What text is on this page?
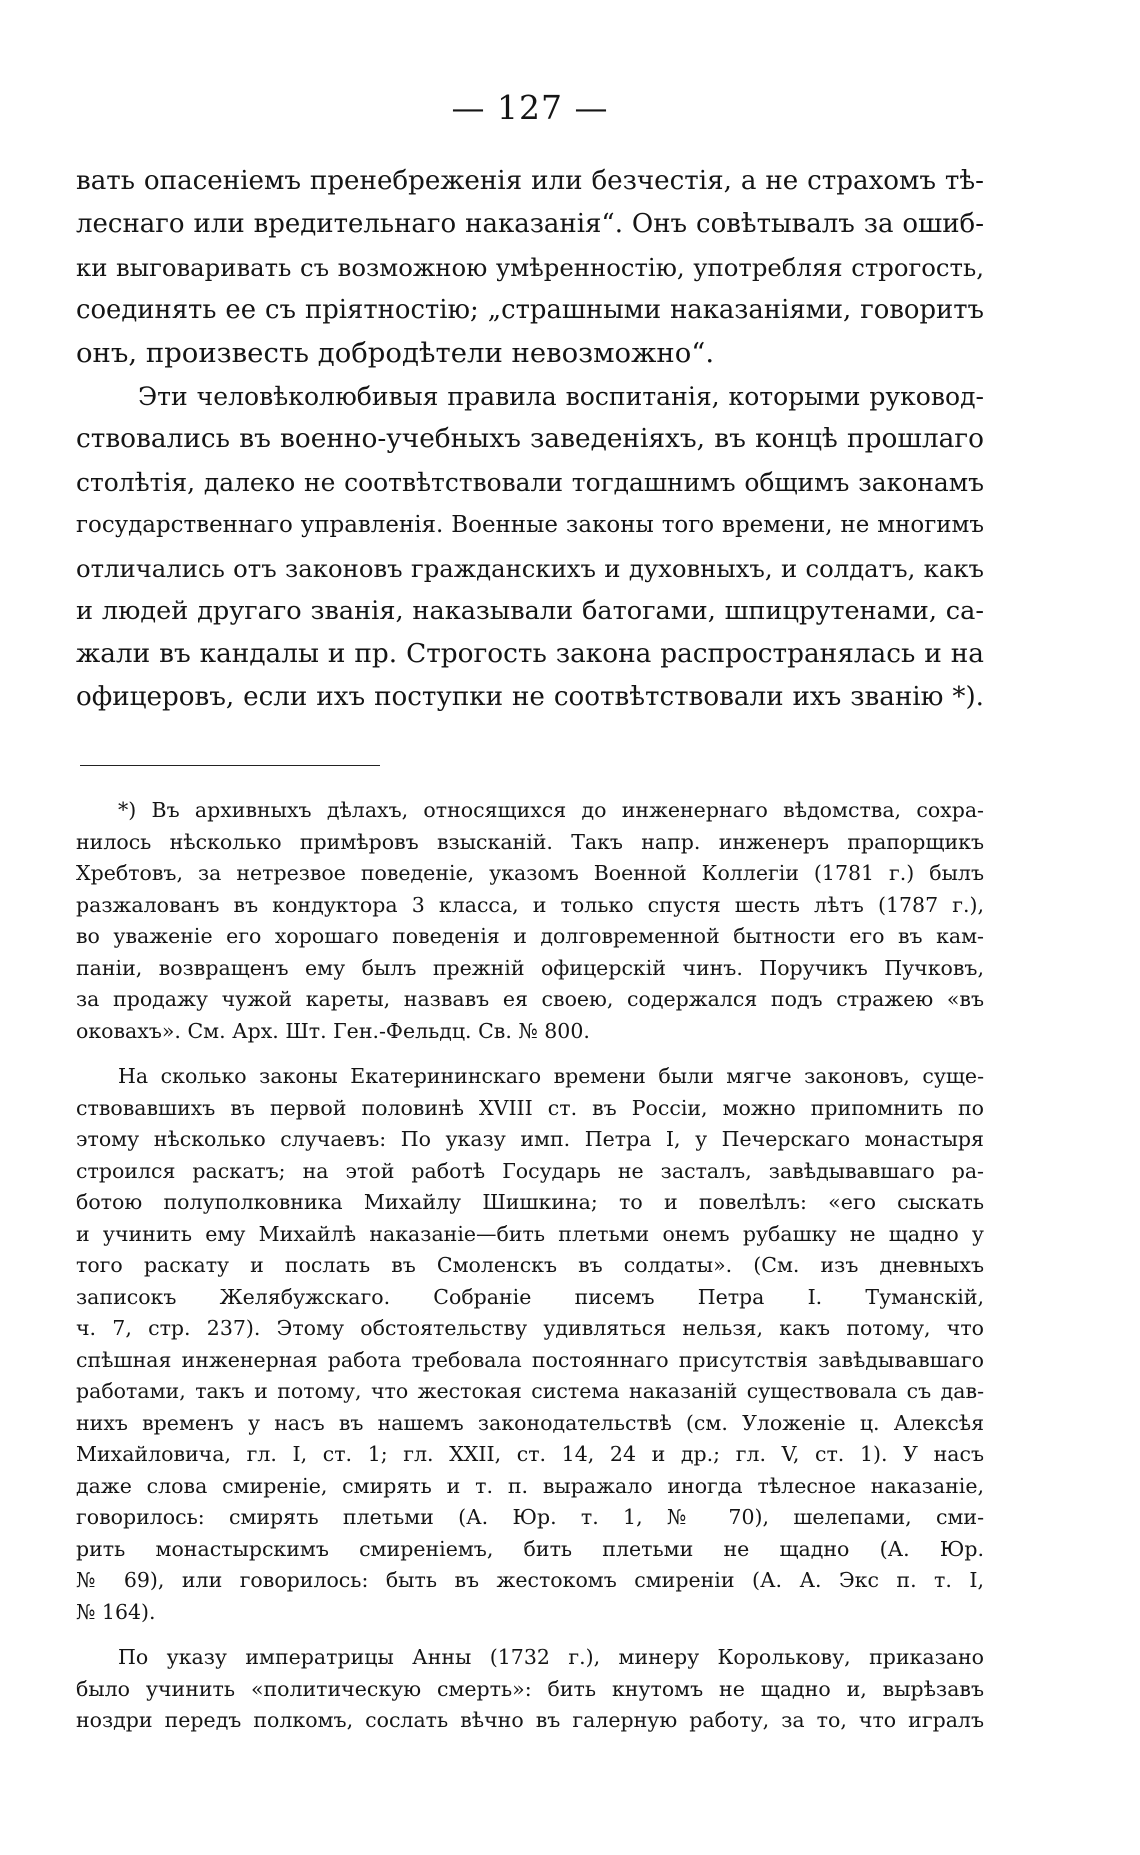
— 127 —
вать опасеніемъ пренебреженія или безчестія, а не страхомъ тѣ-
леснаго или вредительнаго наказанія“. Онъ совѣтывалъ за ошиб-
ки выговаривать съ возможною умѣренностію, употребляя строгость,
соединять ее съ пріятностію; „страшными наказаніями, говоритъ
онъ, произвесть добродѣтели невозможно“.
Эти человѣколюбивыя правила воспитанія, которыми руковод-
ствовались въ военно-учебныхъ заведеніяхъ, въ концѣ прошлаго
столѣтія, далеко не соотвѣтствовали тогдашнимъ общимъ законамъ
государственнаго управленія. Военные законы того времени, не многимъ
отличались отъ законовъ гражданскихъ и духовныхъ, и солдатъ, какъ
и людей другаго званія, наказывали батогами, шпицрутенами, са-
жали въ кандалы и пр. Строгость закона распространялась и на
офицеровъ, если ихъ поступки не соотвѣтствовали ихъ званію *).
*) Въ архивныхъ дѣлахъ, относящихся до инженернаго вѣдомства, сохра-
нилось нѣсколько примѣровъ взысканій. Такъ напр. инженеръ прапорщикъ
Хребтовъ, за нетрезвое поведеніе, указомъ Военной Коллегіи (1781 г.) былъ
разжалованъ въ кондуктора 3 класса, и только спустя шесть лѣтъ (1787 г.),
во уваженіе его хорошаго поведенія и долговременной бытности его въ кам-
паніи, возвращенъ ему былъ прежній офицерскій чинъ. Поручикъ Пучковъ,
за продажу чужой кареты, назвавъ ея своею, содержался подъ стражею «въ
оковахъ». См. Арх. Шт. Ген.-Фельдц. Св. № 800.
На сколько законы Екатерининскаго времени были мягче законовъ, суще-
ствовавшихъ въ первой половинѣ XVIII ст. въ Россіи, можно припомнить по
этому нѣсколько случаевъ: По указу имп. Петра I, у Печерскаго монастыря
строился раскатъ; на этой работѣ Государь не засталъ, завѣдывавшаго ра-
ботою полуполковника Михайлу Шишкина; то и повелѣлъ: «его сыскать
и учинить ему Михайлѣ наказаніе—бить плетьми онемъ рубашку не щадно у
того раскату и послать въ Смоленскъ въ солдаты». (См. изъ дневныхъ
записокъ Желябужскаго. Собраніе писемъ Петра I. Туманскій,
ч. 7, стр. 237). Этому обстоятельству удивляться нельзя, какъ потому, что
спѣшная инженерная работа требовала постояннаго присутствія завѣдывавшаго
работами, такъ и потому, что жестокая система наказаній существовала съ дав-
нихъ временъ у насъ въ нашемъ законодательствѣ (см. Уложеніе ц. Алексѣя
Михайловича, гл. I, ст. 1; гл. XXII, ст. 14, 24 и др.; гл. V, ст. 1). У насъ
даже слова смиреніе, смирять и т. п. выражало иногда тѣлесное наказаніе,
говорилось: смирять плетьми (А. Юр. т. 1, № 70), шелепами, сми-
рить монастырскимъ смиреніемъ, бить плетьми не щадно (А. Юр.
№ 69), или говорилось: быть въ жестокомъ смиреніи (А. А. Экс п. т. I,
№ 164).
По указу императрицы Анны (1732 г.), минеру Королькову, приказано
было учинить «политическую смерть»: бить кнутомъ не щадно и, вырѣзавъ
ноздри передъ полкомъ, сослать вѣчно въ галерную работу, за то, что игралъ
